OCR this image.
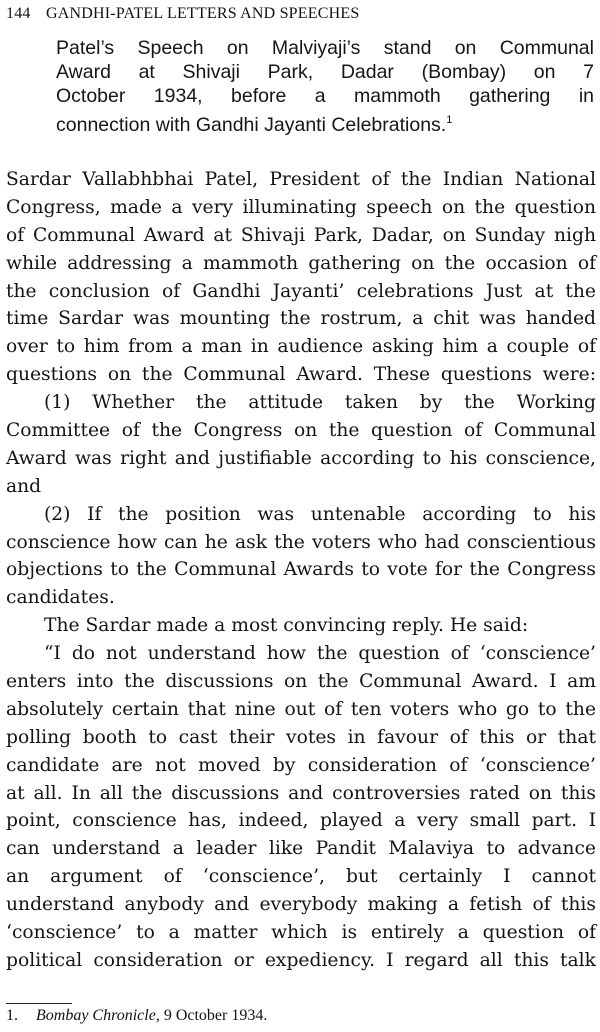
144 GANDHI-PATEL LETTERS AND SPEECHES
Patel’s Speech on Malviyaji’s stand on Communal
Award at Shivaji Park, Dadar (Bombay) on 7
October 1934, before a mammoth gathering in
connection with Gandhi Jayanti Celebrations.$^1$
Sardar Vallabhbhai Patel, President of the Indian National
Congress, made a very illuminating speech on the question
of Communal Award at Shivaji Park, Dadar, on Sunday nigh
while addressing a mammoth gathering on the occasion of
the conclusion of Gandhi Jayanti’ celebrations Just at the
time Sardar was mounting the rostrum, a chit was handed
over to him from a man in audience asking him a couple of
questions on the Communal Award. These questions were:
(1) Whether the attitude taken by the Working
Committee of the Congress on the question of Communal
Award was right and justifiable according to his conscience,
and
(2) If the position was untenable according to his
conscience how can he ask the voters who had conscientious
objections to the Communal Awards to vote for the Congress
candidates.
The Sardar made a most convincing reply. He said:
“I do not understand how the question of ‘conscience’
enters into the discussions on the Communal Award. I am
absolutely certain that nine out of ten voters who go to the
polling booth to cast their votes in favour of this or that
candidate are not moved by consideration of ‘conscience’
at all. In all the discussions and controversies rated on this
point, conscience has, indeed, played a very small part. I
can understand a leader like Pandit Malaviya to advance
an argument of ‘conscience’, but certainly I cannot
understand anybody and everybody making a fetish of this
‘conscience’ to a matter which is entirely a question of
political consideration or expediency. I regard all this talk
1. Bombay Chronicle, 9 October 1934.
